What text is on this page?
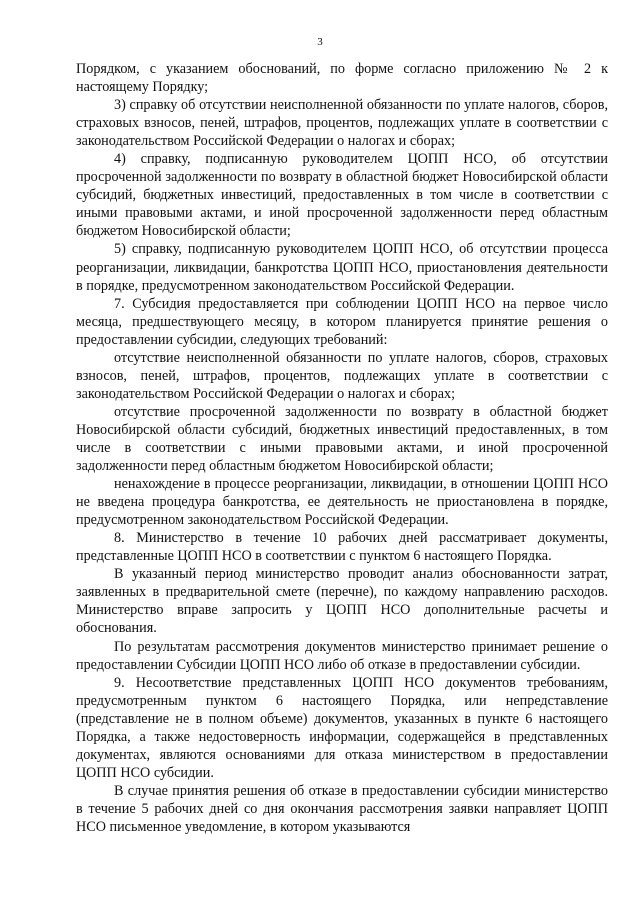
3

Порядком, с указанием обоснований, по форме согласно приложению № 2 к настоящему Порядку;

3) справку об отсутствии неисполненной обязанности по уплате налогов, сборов, страховых взносов, пеней, штрафов, процентов, подлежащих уплате в соответствии с законодательством Российской Федерации о налогах и сборах;

4) справку, подписанную руководителем ЦОПП НСО, об отсутствии просроченной задолженности по возврату в областной бюджет Новосибирской области субсидий, бюджетных инвестиций, предоставленных в том числе в соответствии с иными правовыми актами, и иной просроченной задолженности перед областным бюджетом Новосибирской области;

5) справку, подписанную руководителем ЦОПП НСО, об отсутствии процесса реорганизации, ликвидации, банкротства ЦОПП НСО, приостановления деятельности в порядке, предусмотренном законодательством Российской Федерации.

7. Субсидия предоставляется при соблюдении ЦОПП НСО на первое число месяца, предшествующего месяцу, в котором планируется принятие решения о предоставлении субсидии, следующих требований:

отсутствие неисполненной обязанности по уплате налогов, сборов, страховых взносов, пеней, штрафов, процентов, подлежащих уплате в соответствии с законодательством Российской Федерации о налогах и сборах;

отсутствие просроченной задолженности по возврату в областной бюджет Новосибирской области субсидий, бюджетных инвестиций предоставленных, в том числе в соответствии с иными правовыми актами, и иной просроченной задолженности перед областным бюджетом Новосибирской области;

ненахождение в процессе реорганизации, ликвидации, в отношении ЦОПП НСО не введена процедура банкротства, ее деятельность не приостановлена в порядке, предусмотренном законодательством Российской Федерации.

8. Министерство в течение 10 рабочих дней рассматривает документы, представленные ЦОПП НСО в соответствии с пунктом 6 настоящего Порядка.

В указанный период министерство проводит анализ обоснованности затрат, заявленных в предварительной смете (перечне), по каждому направлению расходов. Министерство вправе запросить у ЦОПП НСО дополнительные расчеты и обоснования.

По результатам рассмотрения документов министерство принимает решение о предоставлении Субсидии ЦОПП НСО либо об отказе в предоставлении субсидии.

9. Несоответствие представленных ЦОПП НСО документов требованиям, предусмотренным пунктом 6 настоящего Порядка, или непредставление (представление не в полном объеме) документов, указанных в пункте 6 настоящего Порядка, а также недостоверность информации, содержащейся в представленных документах, являются основаниями для отказа министерством в предоставлении ЦОПП НСО субсидии.

В случае принятия решения об отказе в предоставлении субсидии министерство в течение 5 рабочих дней со дня окончания рассмотрения заявки направляет ЦОПП НСО письменное уведомление, в котором указываются
